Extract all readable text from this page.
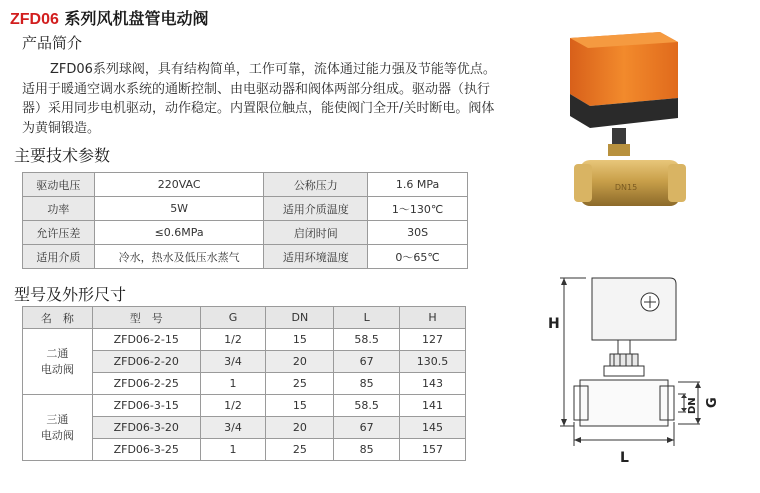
ZFD06 系列风机盘管电动阀
产品简介
ZFD06系列球阀，具有结构简单，工作可靠，流体通过能力强及节能等优点。适用于暖通空调水系统的通断控制、由电驱动器和阀体两部分组成。驱动器（执行器）采用同步电机驱动，动作稳定。内置限位触点，能使阀门全开/关时断电。阀体为黄铜锻造。
主要技术参数
驱动电压	220VAC	公称压力	1.6 MPa
功率	5W	适用介质温度	1～130℃
允许压差	≤0.6MPa	启闭时间	30S
适用介质	冷水，热水及低压水蒸气	适用环境温度	0～65℃
型号及外形尺寸
名　称	型　号	G	DN	L	H
二通
电动阀	ZFD06-2-15	1/2	15	58.5	127
	ZFD06-2-20	3/4	20	67	130.5
	ZFD06-2-25	1	25	85	143
三通
电动阀	ZFD06-3-15	1/2	15	58.5	141
	ZFD06-3-20	3/4	20	67	145
	ZFD06-3-25	1	25	85	157
DN15
H
L
DN G
